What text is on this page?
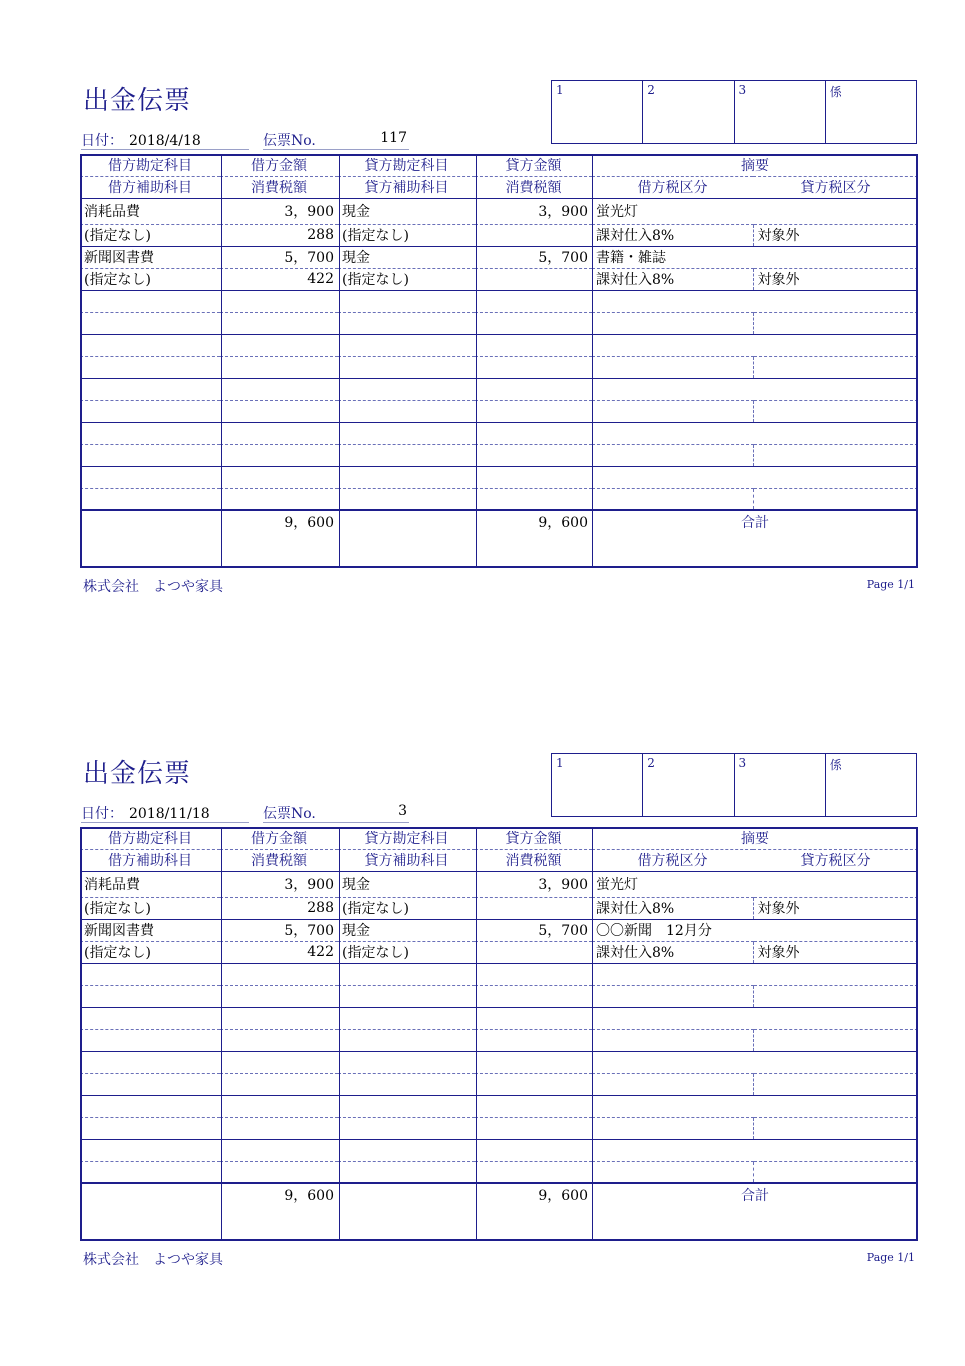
出金伝票	1	2	3	係
日付： 2018/4/18	伝票No.	117
借方勘定科目	借方金額	貸方勘定科目	貸方金額	摘要	
借方補助科目	消費税額	貸方補助科目	消費税額	借方税区分	貸方税区分
消耗品費	3，900	現金	3，900	蛍光灯	
(指定なし)	288	(指定なし)		課対仕入8%	対象外
新聞図書費	5，700	現金	5，700	書籍・雑誌	
(指定なし)	422	(指定なし)		課対仕入8%	対象外

	9，600		9，600	合計	
株式会社　よつや家具	Page 1/1
出金伝票	1	2	3	係
日付： 2018/11/18	伝票No.	3
借方勘定科目	借方金額	貸方勘定科目	貸方金額	摘要	
借方補助科目	消費税額	貸方補助科目	消費税額	借方税区分	貸方税区分
消耗品費	3，900	現金	3，900	蛍光灯	
(指定なし)	288	(指定なし)		課対仕入8%	対象外
新聞図書費	5，700	現金	5，700	〇〇新聞　12月分	
(指定なし)	422	(指定なし)		課対仕入8%	対象外

	9，600		9，600	合計	
株式会社　よつや家具	Page 1/1
